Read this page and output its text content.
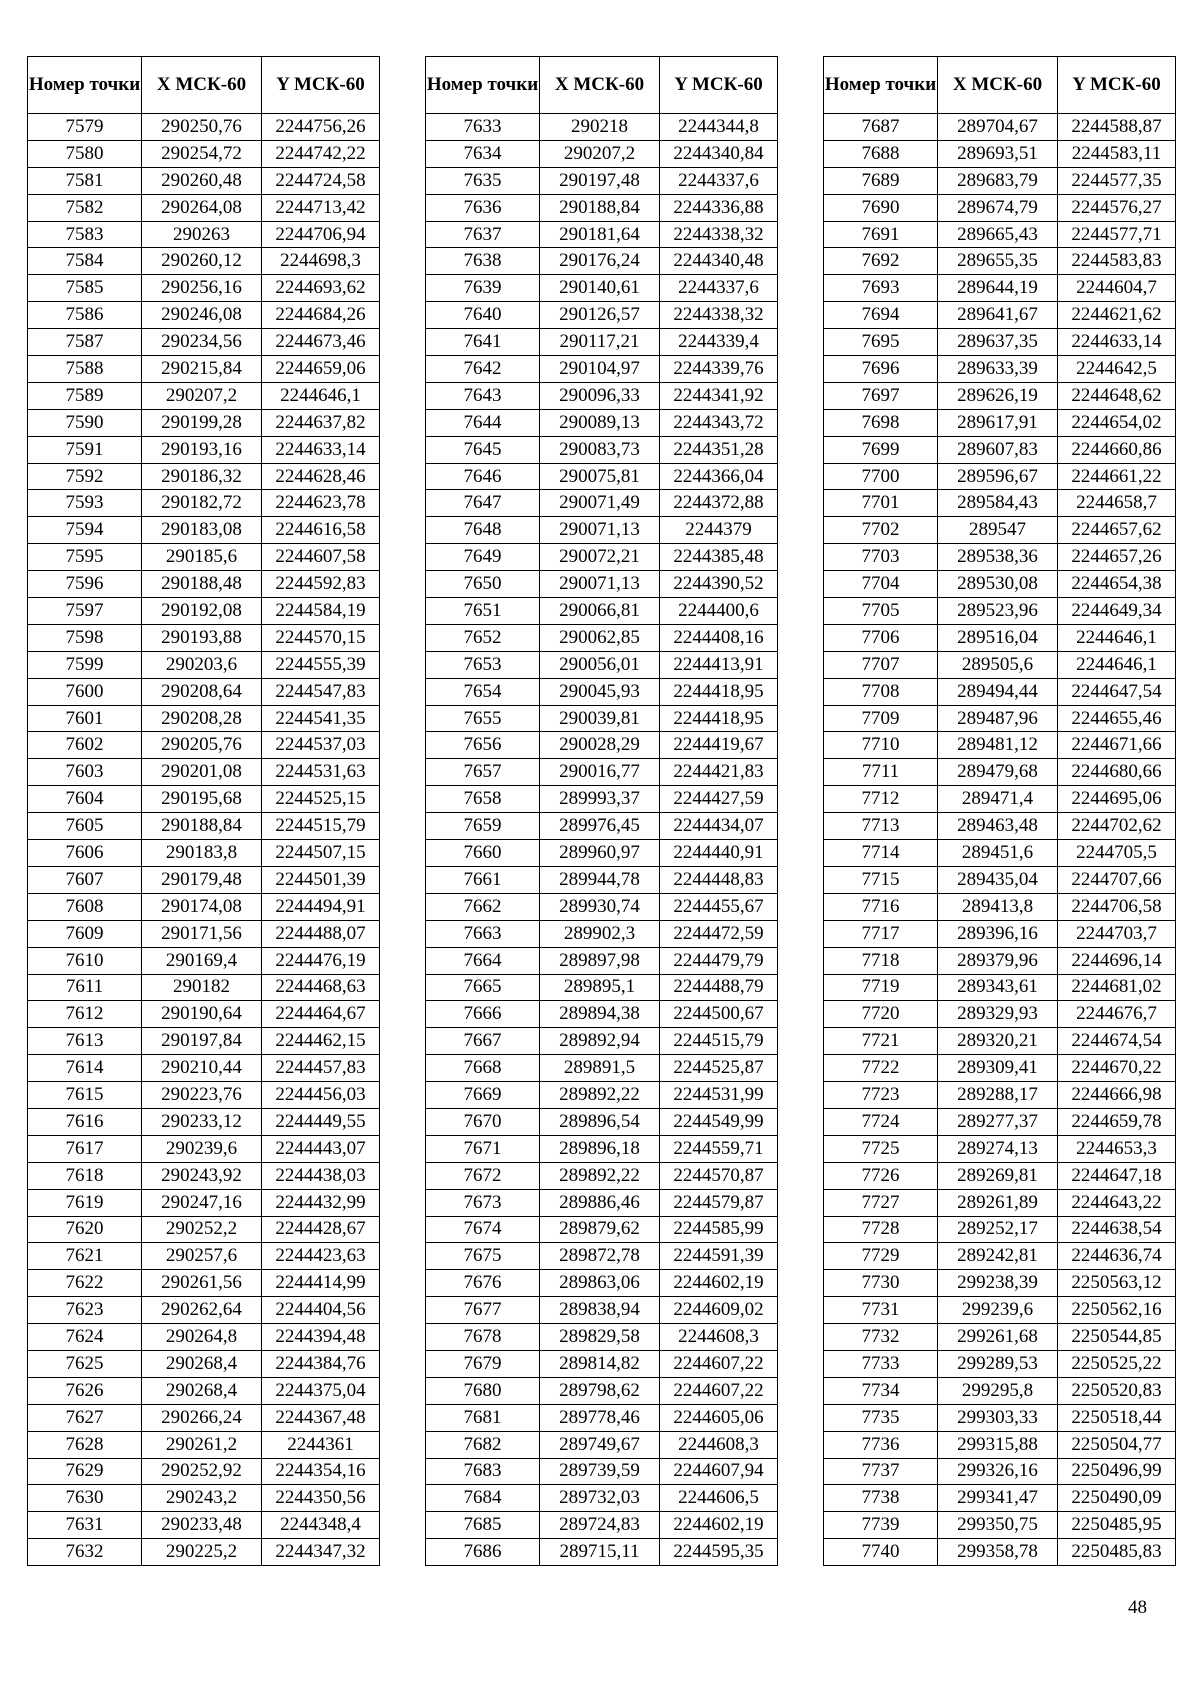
Номер точки	X МСК-60	Y МСК-60
7579	290250,76	2244756,26
7580	290254,72	2244742,22
7581	290260,48	2244724,58
7582	290264,08	2244713,42
7583	290263	2244706,94
7584	290260,12	2244698,3
7585	290256,16	2244693,62
7586	290246,08	2244684,26
7587	290234,56	2244673,46
7588	290215,84	2244659,06
7589	290207,2	2244646,1
7590	290199,28	2244637,82
7591	290193,16	2244633,14
7592	290186,32	2244628,46
7593	290182,72	2244623,78
7594	290183,08	2244616,58
7595	290185,6	2244607,58
7596	290188,48	2244592,83
7597	290192,08	2244584,19
7598	290193,88	2244570,15
7599	290203,6	2244555,39
7600	290208,64	2244547,83
7601	290208,28	2244541,35
7602	290205,76	2244537,03
7603	290201,08	2244531,63
7604	290195,68	2244525,15
7605	290188,84	2244515,79
7606	290183,8	2244507,15
7607	290179,48	2244501,39
7608	290174,08	2244494,91
7609	290171,56	2244488,07
7610	290169,4	2244476,19
7611	290182	2244468,63
7612	290190,64	2244464,67
7613	290197,84	2244462,15
7614	290210,44	2244457,83
7615	290223,76	2244456,03
7616	290233,12	2244449,55
7617	290239,6	2244443,07
7618	290243,92	2244438,03
7619	290247,16	2244432,99
7620	290252,2	2244428,67
7621	290257,6	2244423,63
7622	290261,56	2244414,99
7623	290262,64	2244404,56
7624	290264,8	2244394,48
7625	290268,4	2244384,76
7626	290268,4	2244375,04
7627	290266,24	2244367,48
7628	290261,2	2244361
7629	290252,92	2244354,16
7630	290243,2	2244350,56
7631	290233,48	2244348,4
7632	290225,2	2244347,32
Номер точки	X МСК-60	Y МСК-60
7633	290218	2244344,8
7634	290207,2	2244340,84
7635	290197,48	2244337,6
7636	290188,84	2244336,88
7637	290181,64	2244338,32
7638	290176,24	2244340,48
7639	290140,61	2244337,6
7640	290126,57	2244338,32
7641	290117,21	2244339,4
7642	290104,97	2244339,76
7643	290096,33	2244341,92
7644	290089,13	2244343,72
7645	290083,73	2244351,28
7646	290075,81	2244366,04
7647	290071,49	2244372,88
7648	290071,13	2244379
7649	290072,21	2244385,48
7650	290071,13	2244390,52
7651	290066,81	2244400,6
7652	290062,85	2244408,16
7653	290056,01	2244413,91
7654	290045,93	2244418,95
7655	290039,81	2244418,95
7656	290028,29	2244419,67
7657	290016,77	2244421,83
7658	289993,37	2244427,59
7659	289976,45	2244434,07
7660	289960,97	2244440,91
7661	289944,78	2244448,83
7662	289930,74	2244455,67
7663	289902,3	2244472,59
7664	289897,98	2244479,79
7665	289895,1	2244488,79
7666	289894,38	2244500,67
7667	289892,94	2244515,79
7668	289891,5	2244525,87
7669	289892,22	2244531,99
7670	289896,54	2244549,99
7671	289896,18	2244559,71
7672	289892,22	2244570,87
7673	289886,46	2244579,87
7674	289879,62	2244585,99
7675	289872,78	2244591,39
7676	289863,06	2244602,19
7677	289838,94	2244609,02
7678	289829,58	2244608,3
7679	289814,82	2244607,22
7680	289798,62	2244607,22
7681	289778,46	2244605,06
7682	289749,67	2244608,3
7683	289739,59	2244607,94
7684	289732,03	2244606,5
7685	289724,83	2244602,19
7686	289715,11	2244595,35
Номер точки	X МСК-60	Y МСК-60
7687	289704,67	2244588,87
7688	289693,51	2244583,11
7689	289683,79	2244577,35
7690	289674,79	2244576,27
7691	289665,43	2244577,71
7692	289655,35	2244583,83
7693	289644,19	2244604,7
7694	289641,67	2244621,62
7695	289637,35	2244633,14
7696	289633,39	2244642,5
7697	289626,19	2244648,62
7698	289617,91	2244654,02
7699	289607,83	2244660,86
7700	289596,67	2244661,22
7701	289584,43	2244658,7
7702	289547	2244657,62
7703	289538,36	2244657,26
7704	289530,08	2244654,38
7705	289523,96	2244649,34
7706	289516,04	2244646,1
7707	289505,6	2244646,1
7708	289494,44	2244647,54
7709	289487,96	2244655,46
7710	289481,12	2244671,66
7711	289479,68	2244680,66
7712	289471,4	2244695,06
7713	289463,48	2244702,62
7714	289451,6	2244705,5
7715	289435,04	2244707,66
7716	289413,8	2244706,58
7717	289396,16	2244703,7
7718	289379,96	2244696,14
7719	289343,61	2244681,02
7720	289329,93	2244676,7
7721	289320,21	2244674,54
7722	289309,41	2244670,22
7723	289288,17	2244666,98
7724	289277,37	2244659,78
7725	289274,13	2244653,3
7726	289269,81	2244647,18
7727	289261,89	2244643,22
7728	289252,17	2244638,54
7729	289242,81	2244636,74
7730	299238,39	2250563,12
7731	299239,6	2250562,16
7732	299261,68	2250544,85
7733	299289,53	2250525,22
7734	299295,8	2250520,83
7735	299303,33	2250518,44
7736	299315,88	2250504,77
7737	299326,16	2250496,99
7738	299341,47	2250490,09
7739	299350,75	2250485,95
7740	299358,78	2250485,83
48
